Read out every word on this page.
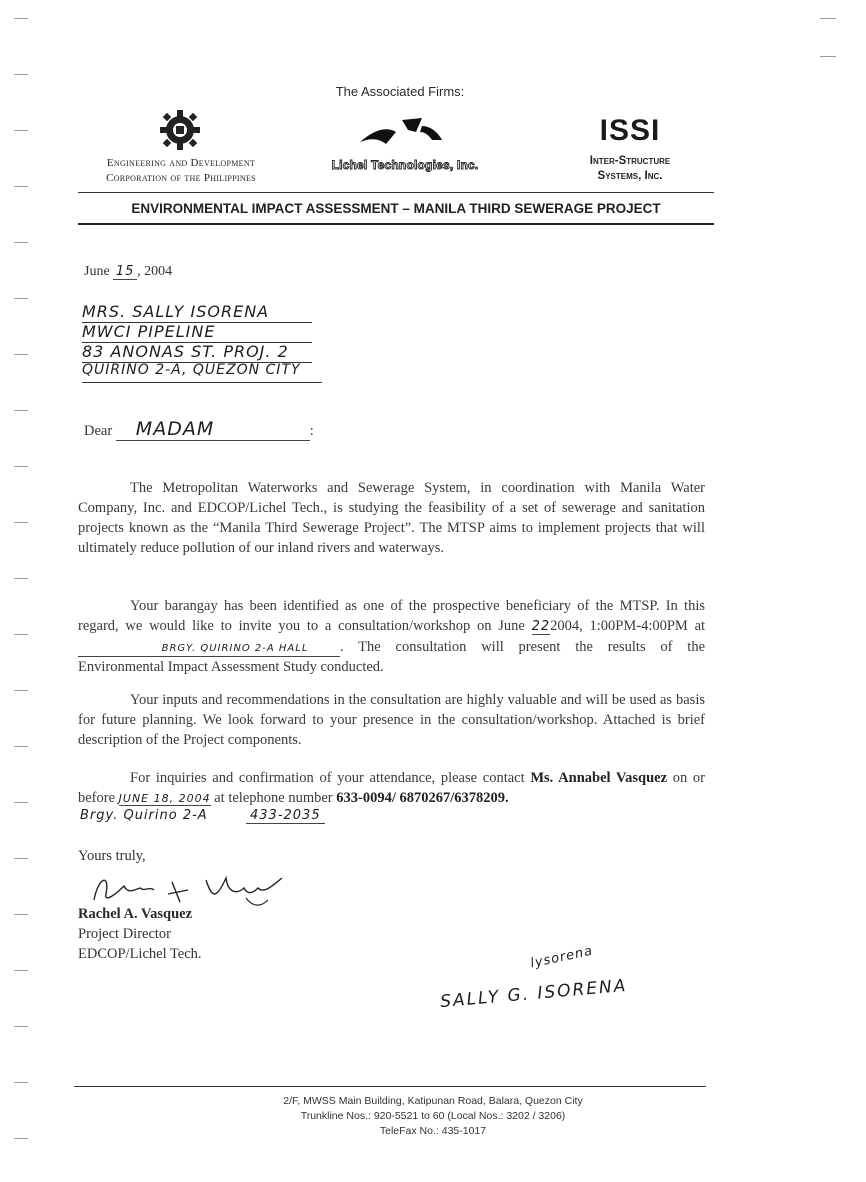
The Associated Firms:
Engineering and Development
Corporation of the Philippines
Lichel Technologies, Inc.
ISSI
Inter-Structure
Systems, Inc.
ENVIRONMENTAL IMPACT ASSESSMENT – MANILA THIRD SEWERAGE PROJECT
June 15 , 2004
MRS. SALLY ISORENA
MWCI PIPELINE
83 ANONAS ST. PROJ. 2
QUIRINO 2-A, QUEZON CITY
Dear MADAM	:
The Metropolitan Waterworks and Sewerage System, in coordination with Manila Water Company, Inc. and EDCOP/Lichel Tech., is studying the feasibility of a set of sewerage and sanitation projects known as the “Manila Third Sewerage Project”. The MTSP aims to implement projects that will ultimately reduce pollution of our inland rivers and waterways.
Your barangay has been identified as one of the prospective beneficiary of the MTSP. In this regard, we would like to invite you to a consultation/workshop on June 222004, 1:00PM-4:00PM at BRGY. QUIRINO 2-A HALL . The consultation will present the results of the Environmental Impact Assessment Study conducted.
Your inputs and recommendations in the consultation are highly valuable and will be used as basis for future planning. We look forward to your presence in the consultation/workshop. Attached is brief description of the Project components.
For inquiries and confirmation of your attendance, please contact Ms. Annabel Vasquez on or before JUNE 18, 2004 at telephone number 633-0094/ 6870267/6378209.
Brgy. Quirino 2-A	433-2035
Yours truly,
Rachel A. Vasquez
Project Director
EDCOP/Lichel Tech.	lysorena
SALLY G. ISORENA
2/F, MWSS Main Building, Katipunan Road, Balara, Quezon City
Trunkline Nos.: 920-5521 to 60 (Local Nos.: 3202 / 3206)
TeleFax No.: 435-1017
